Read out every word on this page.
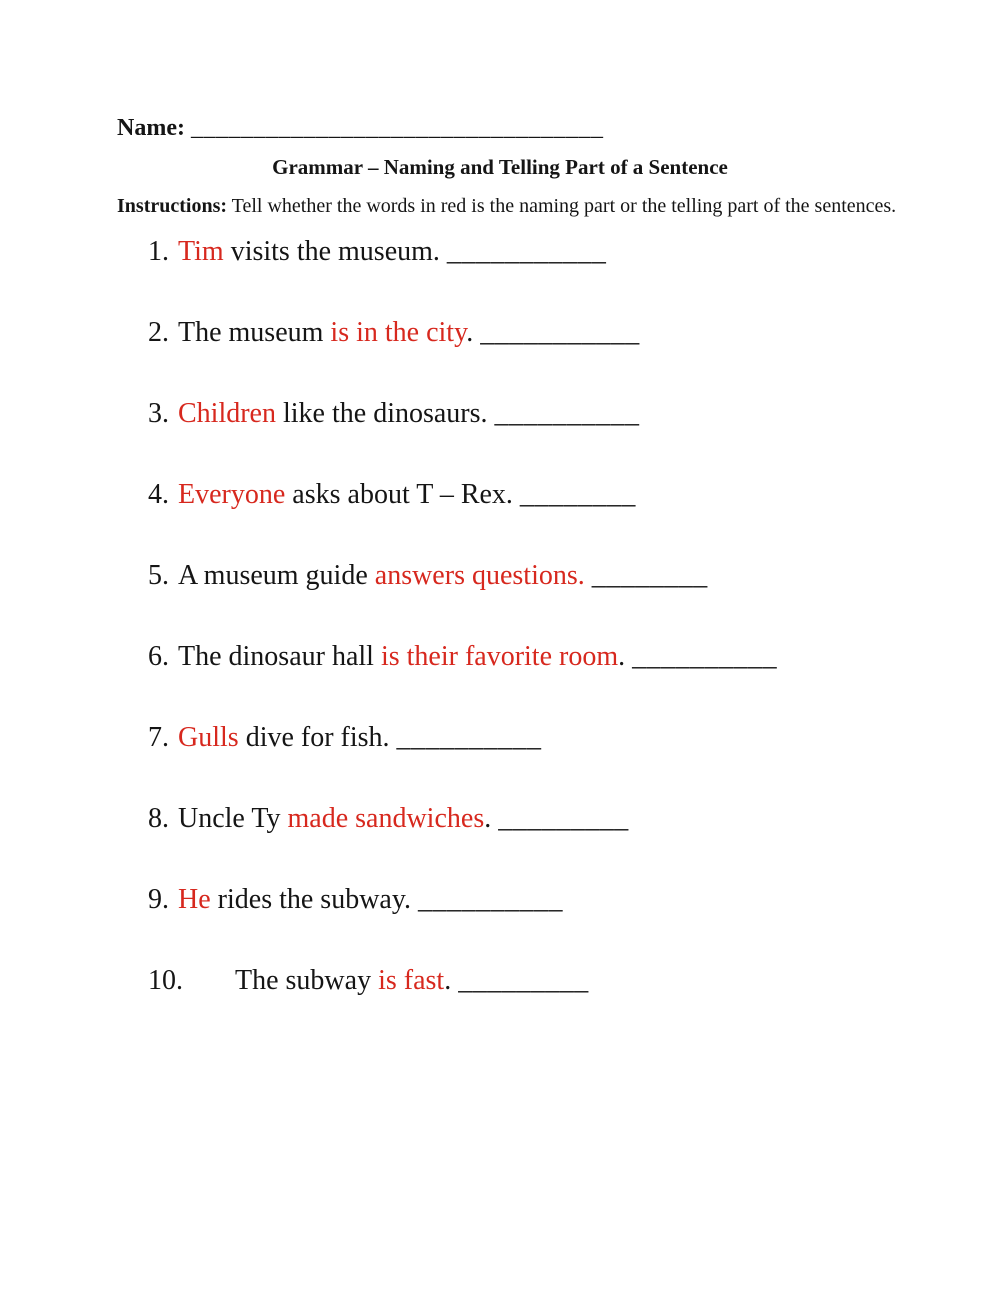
Name: _________________________________
Grammar – Naming and Telling Part of a Sentence

Instructions: Tell whether the words in red is the naming part or the telling part of the sentences.

1. Tim visits the museum. ___________
2. The museum is in the city. ___________
3. Children like the dinosaurs. __________
4. Everyone asks about T – Rex. ________
5. A museum guide answers questions. ________
6. The dinosaur hall is their favorite room. __________
7. Gulls dive for fish. __________
8. Uncle Ty made sandwiches. _________
9. He rides the subway. __________
10. The subway is fast. _________
